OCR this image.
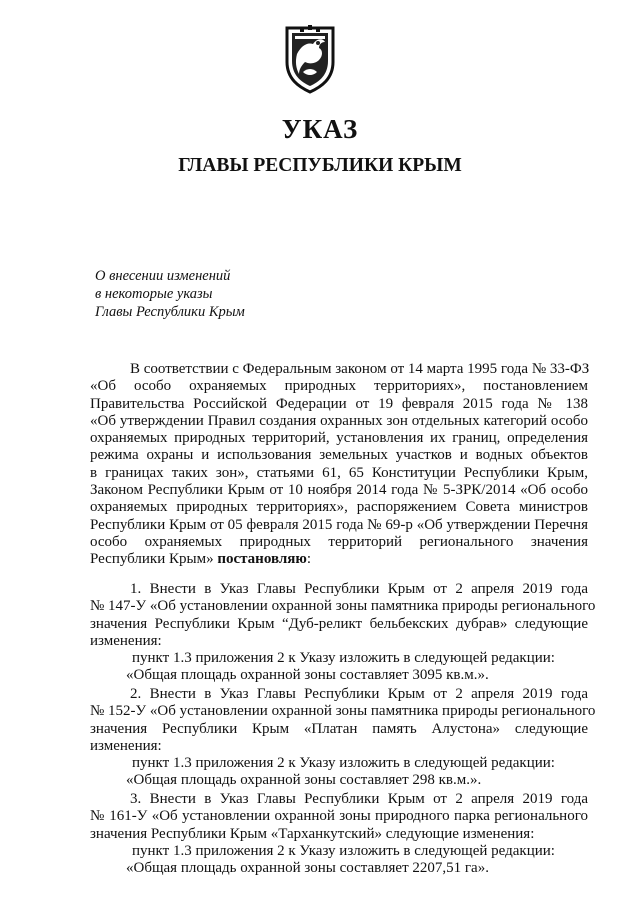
УКАЗ
ГЛАВЫ РЕСПУБЛИКИ КРЫМ
О внесении изменений
в некоторые указы
Главы Республики Крым
В соответствии с Федеральным законом от 14 марта 1995 года № 33-ФЗ
«Об особо охраняемых природных территориях», постановлением
Правительства Российской Федерации от 19 февраля 2015 года № 138
«Об утверждении Правил создания охранных зон отдельных категорий особо
охраняемых природных территорий, установления их границ, определения
режима охраны и использования земельных участков и водных объектов
в границах таких зон», статьями 61, 65 Конституции Республики Крым,
Законом Республики Крым от 10 ноября 2014 года № 5-ЗРК/2014 «Об особо
охраняемых природных территориях», распоряжением Совета министров
Республики Крым от 05 февраля 2015 года № 69-р «Об утверждении Перечня
особо охраняемых природных территорий регионального значения
Республики Крым» постановляю:
1. Внести в Указ Главы Республики Крым от 2 апреля 2019 года
№ 147-У «Об установлении охранной зоны памятника природы регионального
значения Республики Крым “Дуб-реликт бельбекских дубрав» следующие
изменения:
пункт 1.3 приложения 2 к Указу изложить в следующей редакции:
«Общая площадь охранной зоны составляет 3095 кв.м.».
2. Внести в Указ Главы Республики Крым от 2 апреля 2019 года
№ 152-У «Об установлении охранной зоны памятника природы регионального
значения Республики Крым «Платан память Алустона» следующие
изменения:
пункт 1.3 приложения 2 к Указу изложить в следующей редакции:
«Общая площадь охранной зоны составляет 298 кв.м.».
3. Внести в Указ Главы Республики Крым от 2 апреля 2019 года
№ 161-У «Об установлении охранной зоны природного парка регионального
значения Республики Крым «Тарханкутский» следующие изменения:
пункт 1.3 приложения 2 к Указу изложить в следующей редакции:
«Общая площадь охранной зоны составляет 2207,51 га».
